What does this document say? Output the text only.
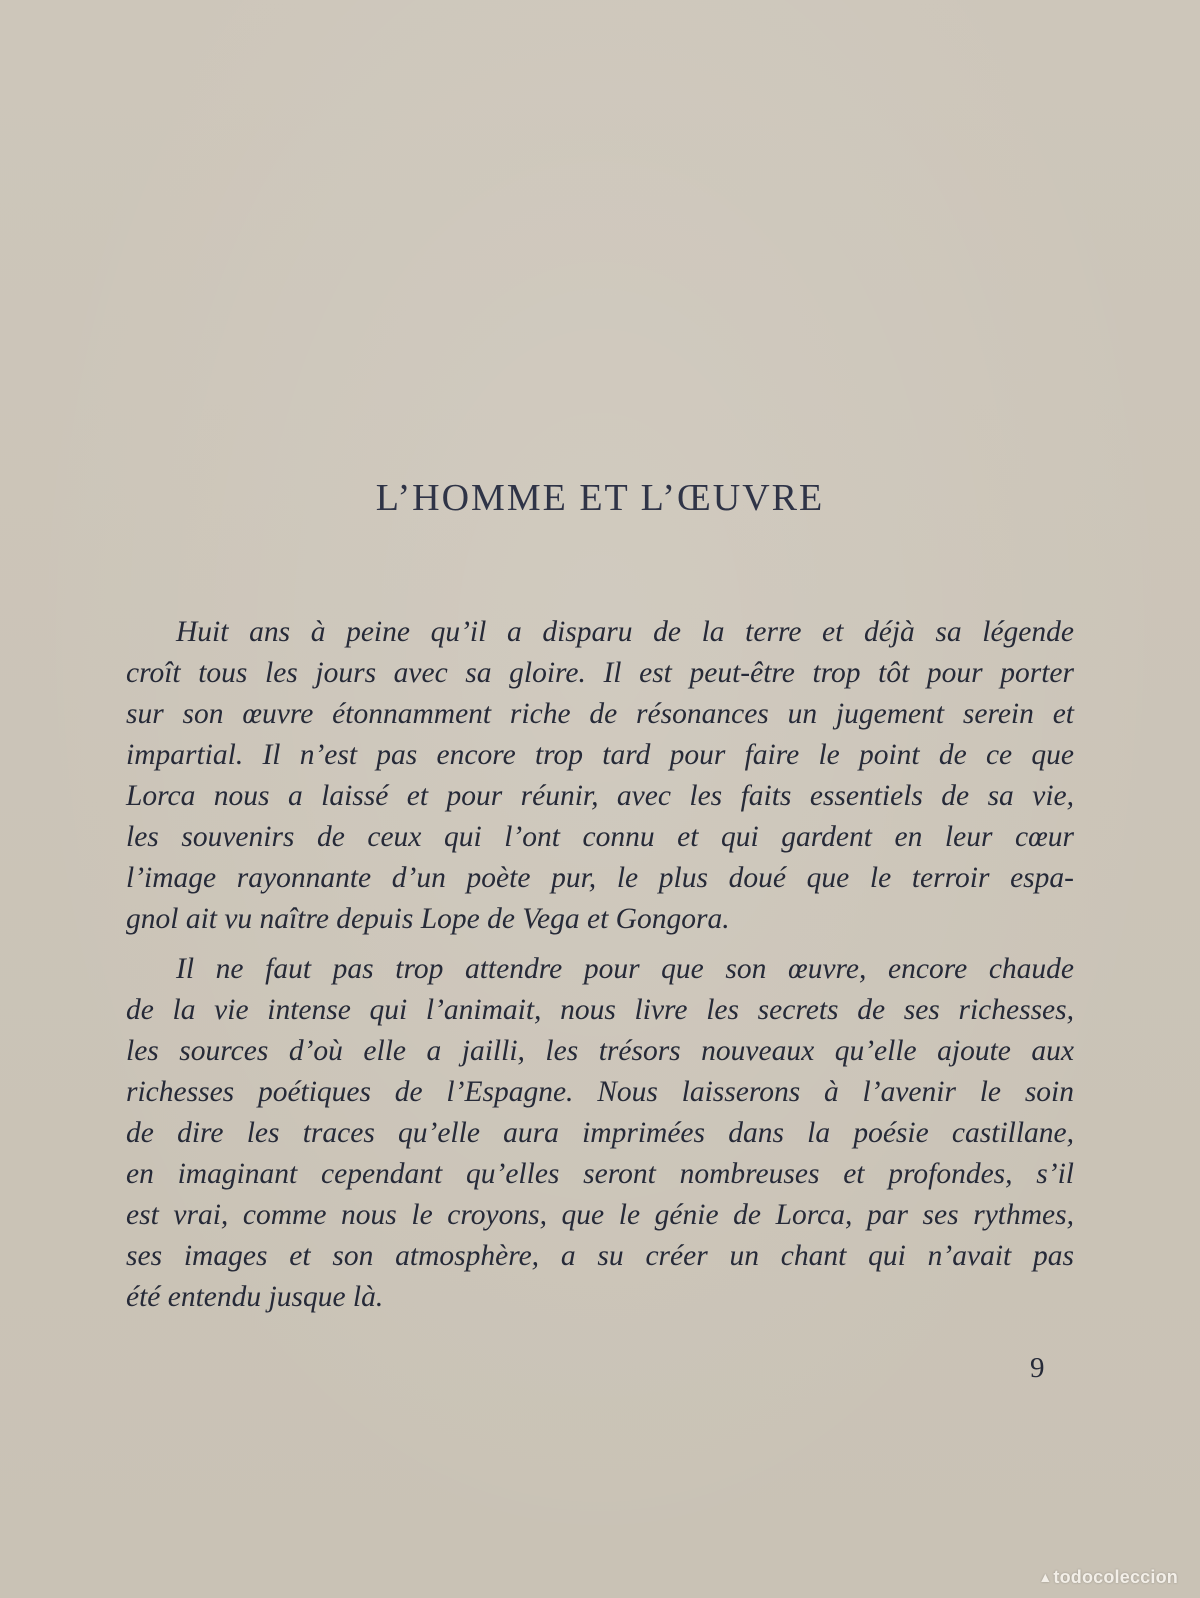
L’HOMME ET L’ŒUVRE
Huit ans à peine qu’il a disparu de la terre et déjà sa légende
croît tous les jours avec sa gloire. Il est peut-être trop tôt pour porter
sur son œuvre étonnamment riche de résonances un jugement serein et
impartial. Il n’est pas encore trop tard pour faire le point de ce que
Lorca nous a laissé et pour réunir, avec les faits essentiels de sa vie,
les souvenirs de ceux qui l’ont connu et qui gardent en leur cœur
l’image rayonnante d’un poète pur, le plus doué que le terroir espa-
gnol ait vu naître depuis Lope de Vega et Gongora.
Il ne faut pas trop attendre pour que son œuvre, encore chaude
de la vie intense qui l’animait, nous livre les secrets de ses richesses,
les sources d’où elle a jailli, les trésors nouveaux qu’elle ajoute aux
richesses poétiques de l’Espagne. Nous laisserons à l’avenir le soin
de dire les traces qu’elle aura imprimées dans la poésie castillane,
en imaginant cependant qu’elles seront nombreuses et profondes, s’il
est vrai, comme nous le croyons, que le génie de Lorca, par ses rythmes,
ses images et son atmosphère, a su créer un chant qui n’avait pas
été entendu jusque là.
9
▲todocoleccion
